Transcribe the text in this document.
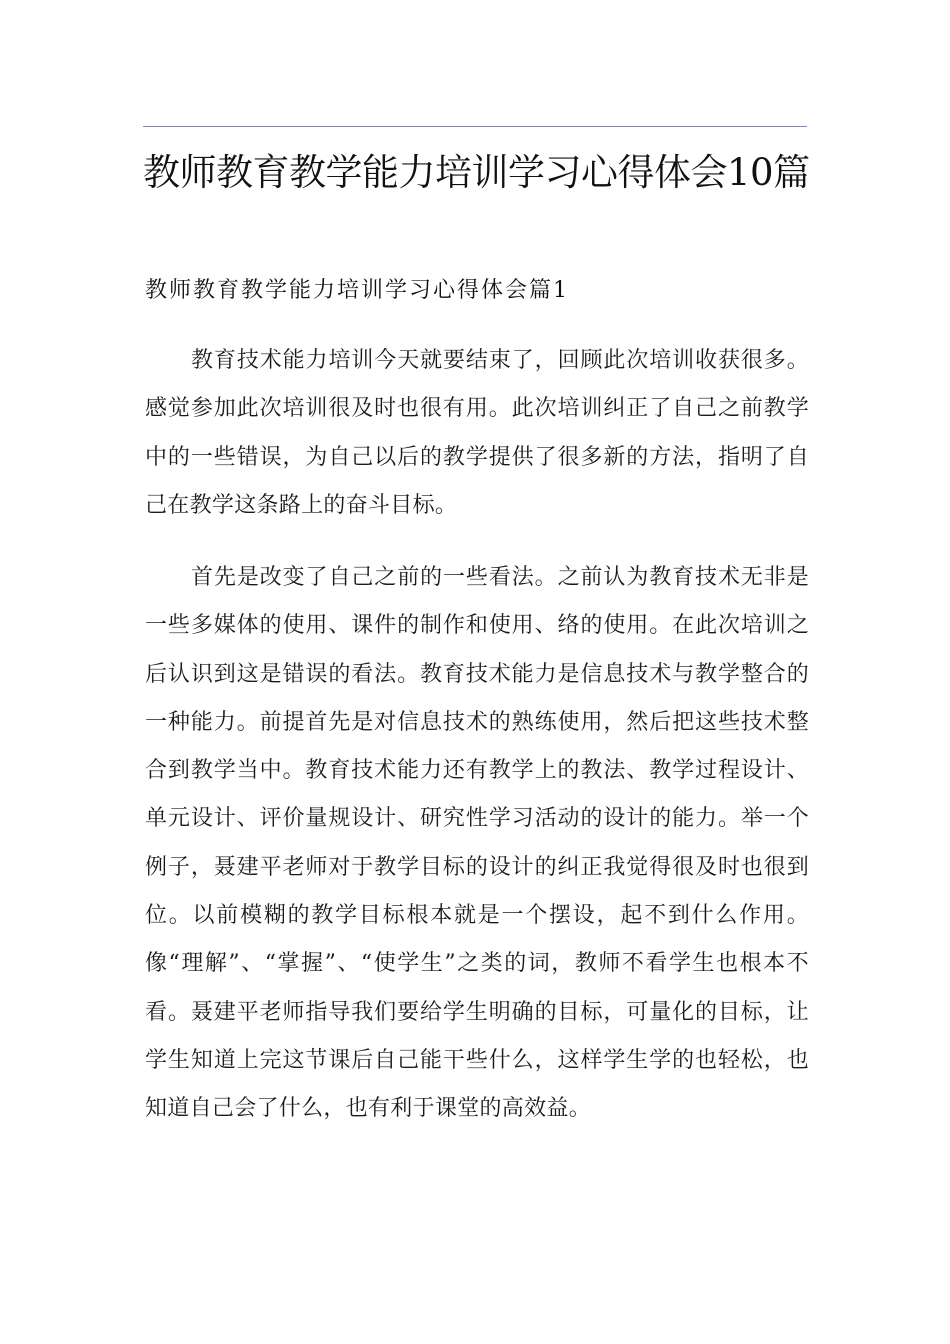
教师教育教学能力培训学习心得体会10篇
教师教育教学能力培训学习心得体会篇1

教育技术能力培训今天就要结束了，回顾此次培训收获很多。感觉参加此次培训很及时也很有用。此次培训纠正了自己之前教学中的一些错误，为自己以后的教学提供了很多新的方法，指明了自己在教学这条路上的奋斗目标。

首先是改变了自己之前的一些看法。之前认为教育技术无非是一些多媒体的使用、课件的制作和使用、络的使用。在此次培训之后认识到这是错误的看法。教育技术能力是信息技术与教学整合的一种能力。前提首先是对信息技术的熟练使用，然后把这些技术整合到教学当中。教育技术能力还有教学上的教法、教学过程设计、单元设计、评价量规设计、研究性学习活动的设计的能力。举一个例子，聂建平老师对于教学目标的设计的纠正我觉得很及时也很到位。以前模糊的教学目标根本就是一个摆设，起不到什么作用。像“理解”、“掌握”、“使学生”之类的词，教师不看学生也根本不看。聂建平老师指导我们要给学生明确的目标，可量化的目标，让学生知道上完这节课后自己能干些什么，这样学生学的也轻松，也知道自己会了什么，也有利于课堂的高效益。
